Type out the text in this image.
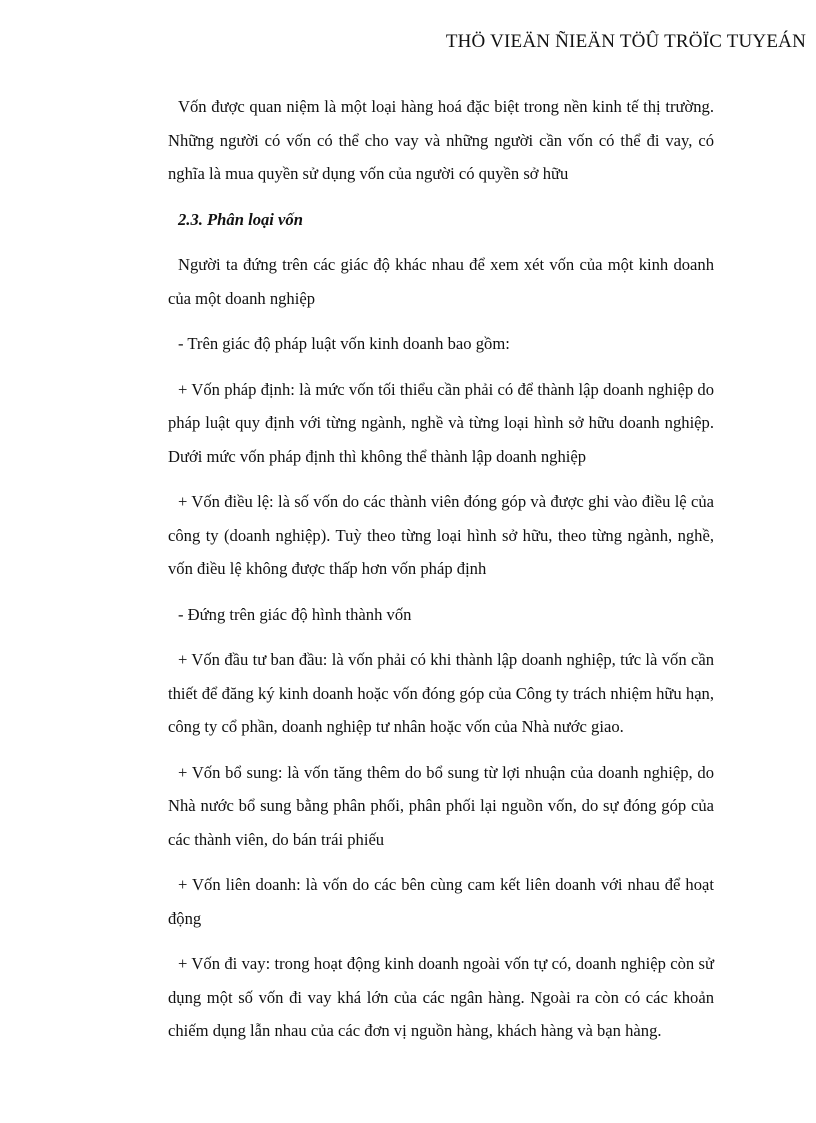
THÖ VIEÄN ÑIEÄN TÖÛ TRÖÏC TUYEÁN

Vốn được quan niệm là một loại hàng hoá đặc biệt trong nền kinh tế thị trường. Những người có vốn có thể cho vay và những người cần vốn có thể đi vay, có nghĩa là mua quyền sử dụng vốn của người có quyền sở hữu

2.3. Phân loại vốn

Người ta đứng trên các giác độ khác nhau để xem xét vốn của một kinh doanh của một doanh nghiệp

- Trên giác độ pháp luật vốn kinh doanh bao gồm:

+ Vốn pháp định: là mức vốn tối thiểu cần phải có để thành lập doanh nghiệp do pháp luật quy định với từng ngành, nghề và từng loại hình sở hữu doanh nghiệp. Dưới mức vốn pháp định thì không thể thành lập doanh nghiệp

+ Vốn điều lệ: là số vốn do các thành viên đóng góp và được ghi vào điều lệ của công ty (doanh nghiệp). Tuỳ theo từng loại hình sở hữu, theo từng ngành, nghề, vốn điều lệ không được thấp hơn vốn pháp định

- Đứng trên giác độ hình thành vốn

+ Vốn đầu tư ban đầu: là vốn phải có khi thành lập doanh nghiệp, tức là vốn cần thiết để đăng ký kinh doanh hoặc vốn đóng góp của Công ty trách nhiệm hữu hạn, công ty cổ phần, doanh nghiệp tư nhân hoặc vốn của Nhà nước giao.

+ Vốn bổ sung: là vốn tăng thêm do bổ sung từ lợi nhuận của doanh nghiệp, do Nhà nước bổ sung bằng phân phối, phân phối lại nguồn vốn, do sự đóng góp của các thành viên, do bán trái phiếu

+ Vốn liên doanh: là vốn do các bên cùng cam kết liên doanh với nhau để hoạt động

+ Vốn đi vay: trong hoạt động kinh doanh ngoài vốn tự có, doanh nghiệp còn sử dụng một số vốn đi vay khá lớn của các ngân hàng. Ngoài ra còn có các khoản chiếm dụng lẫn nhau của các đơn vị nguồn hàng, khách hàng và bạn hàng.
